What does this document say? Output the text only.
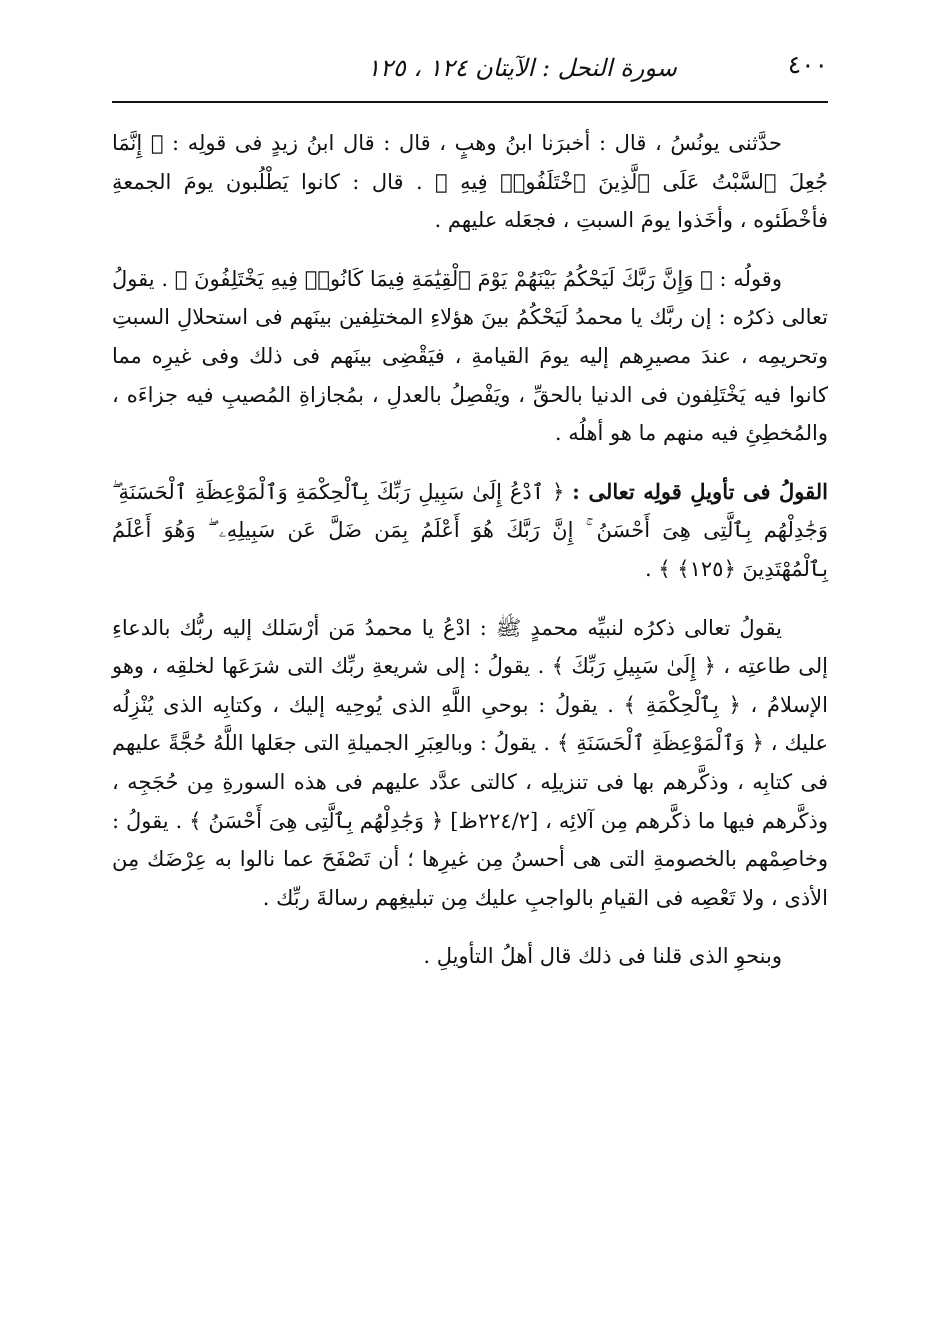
٤٠٠
سورة النحل : الآيتان ١٢٤ ، ١٢٥

حدَّثنى يونُسُ ، قال : أخبرَنا ابنُ وهبٍ ، قال : قال ابنُ زيدٍ فى قولِه : ﴿ إِنَّمَا جُعِلَ ٱلسَّبْتُ عَلَى ٱلَّذِينَ ٱخْتَلَفُوا۟ فِيهِ ﴾ . قال : كانوا يَطْلُبون يومَ الجمعةِ فأخْطَئوه ، وأخَذوا يومَ السبتِ ، فجعَله عليهم .

وقولُه : ﴿ وَإِنَّ رَبَّكَ لَيَحْكُمُ بَيْنَهُمْ يَوْمَ ٱلْقِيَٰمَةِ فِيمَا كَانُوا۟ فِيهِ يَخْتَلِفُونَ ﴾ . يقولُ تعالى ذكرُه : إن ربَّك يا محمدُ لَيَحْكُمُ بينَ هؤلاءِ المختلِفين بينَهم فى استحلالِ السبتِ وتحريمِه ، عندَ مصيرِهم إليه يومَ القيامةِ ، فيَقْضِى بينَهم فى ذلك وفى غيرِه مما كانوا فيه يَخْتَلِفون فى الدنيا بالحقِّ ، ويَفْصِلُ بالعدلِ ، بمُجازاةِ المُصيبِ فيه جزاءَه ، والمُخطِئِ فيه منهم ما هو أهلُه .

القولُ فى تأويلِ قولِه تعالى : ﴿ ٱدْعُ إِلَىٰ سَبِيلِ رَبِّكَ بِٱلْحِكْمَةِ وَٱلْمَوْعِظَةِ ٱلْحَسَنَةِ ۖ وَجَٰدِلْهُم بِٱلَّتِى هِىَ أَحْسَنُ ۚ إِنَّ رَبَّكَ هُوَ أَعْلَمُ بِمَن ضَلَّ عَن سَبِيلِهِۦ ۖ وَهُوَ أَعْلَمُ بِٱلْمُهْتَدِينَ ﴿١٢٥﴾ ﴾ .

يقولُ تعالى ذكرُه لنبيِّه محمدٍ ﷺ : ادْعُ يا محمدُ مَن أرْسَلك إليه ربُّك بالدعاءِ إلى طاعتِه ، ﴿ إِلَىٰ سَبِيلِ رَبِّكَ ﴾ . يقولُ : إلى شريعةِ ربِّك التى شرَعَها لخلقِه ، وهو الإسلامُ ، ﴿ بِٱلْحِكْمَةِ ﴾ . يقولُ : بوحىِ اللَّهِ الذى يُوحِيه إليك ، وكتابِه الذى يُنْزِلُه عليك ، ﴿ وَٱلْمَوْعِظَةِ ٱلْحَسَنَةِ ﴾ . يقولُ : وبالعِبَرِ الجميلةِ التى جعَلها اللَّهُ حُجَّةً عليهم فى كتابِه ، وذكَّرهم بها فى تنزيلِه ، كالتى عدَّد عليهم فى هذه السورةِ مِن حُجَجِه ، وذكَّرهم فيها ما ذكَّرهم مِن آلائِه ، [٢٢٤/٢ظ] ﴿ وَجَٰدِلْهُم بِٱلَّتِى هِىَ أَحْسَنُ ﴾ . يقولُ : وخاصِمْهم بالخصومةِ التى هى أحسنُ مِن غيرِها ؛ أن تَصْفَحَ عما نالوا به عِرْضَك مِن الأذى ، ولا تَعْصِه فى القيامِ بالواجبِ عليك مِن تبليغِهم رسالةَ ربِّك .

وبنحوِ الذى قلنا فى ذلك قال أهلُ التأويلِ .
